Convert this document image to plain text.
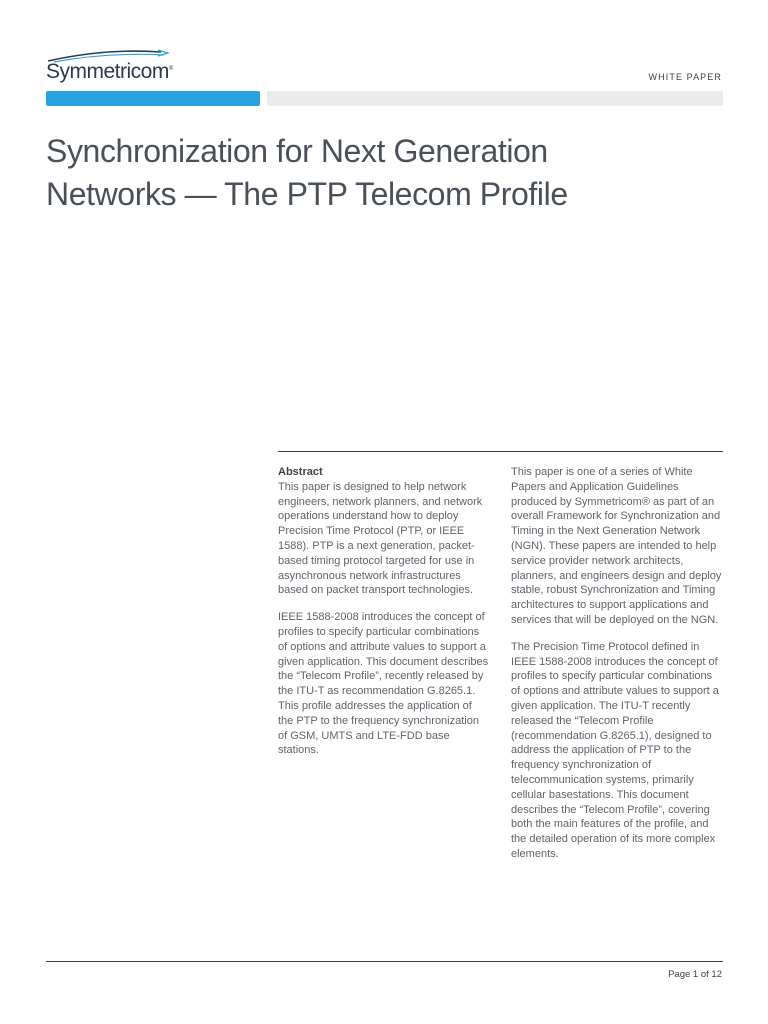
Symmetricom®
WHITE PAPER
Synchronization for Next Generation
Networks — The PTP Telecom Profile

Abstract
This paper is designed to help network engineers, network planners, and network operations understand how to deploy Precision Time Protocol (PTP, or IEEE 1588). PTP is a next generation, packet-based timing protocol targeted for use in asynchronous network infrastructures based on packet transport technologies.

IEEE 1588-2008 introduces the concept of profiles to specify particular combinations of options and attribute values to support a given application. This document describes the “Telecom Profile”, recently released by the ITU-T as recommendation G.8265.1. This profile addresses the application of the PTP to the frequency synchronization of GSM, UMTS and LTE-FDD base stations.

This paper is one of a series of White Papers and Application Guidelines produced by Symmetricom® as part of an overall Framework for Synchronization and Timing in the Next Generation Network (NGN). These papers are intended to help service provider network architects, planners, and engineers design and deploy stable, robust Synchronization and Timing architectures to support applications and services that will be deployed on the NGN.

The Precision Time Protocol defined in IEEE 1588-2008 introduces the concept of profiles to specify particular combinations of options and attribute values to support a given application. The ITU-T recently released the “Telecom Profile (recommendation G.8265.1), designed to address the application of PTP to the frequency synchronization of telecommunication systems, primarily cellular basestations. This document describes the “Telecom Profile”, covering both the main features of the profile, and the detailed operation of its more complex elements.

Page 1 of 12
